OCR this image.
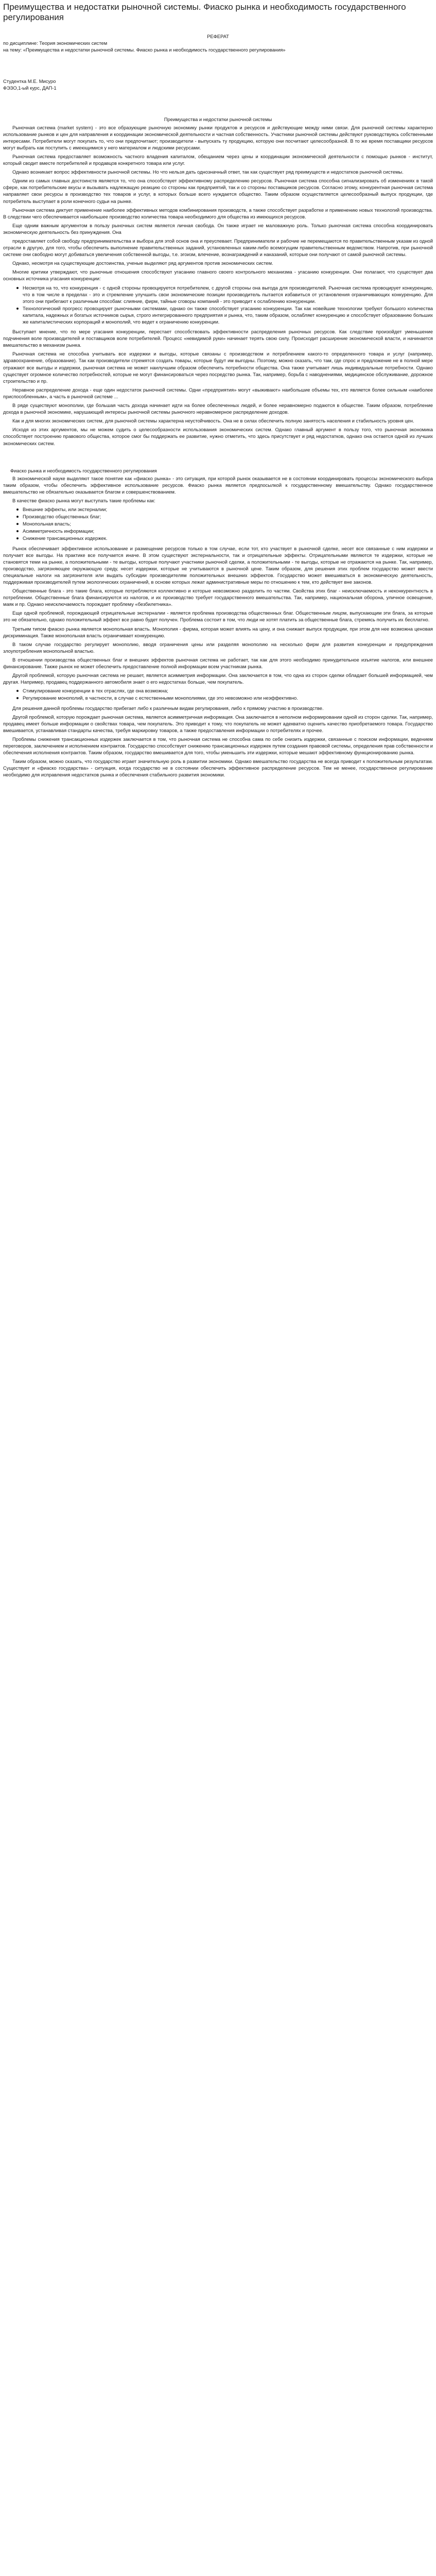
Преимущества и недостатки рыночной системы. Фиаско рынка и необходимость государственного регулирования

РЕФЕРАТ

по дисциплине: Теория экономических систем

на тему: «Преимущества и недостатки рыночной системы. Фиаско рынка и необходимость государственного регулирования»

Студентка М.Е. Мисуро

ФЭЗО,1-ый курс, ДАП-1

Преимущества и недостатки рыночной системы

Рыночная система (market system) - это все образующие рыночную экономику рынки продуктов и ресурсов и действующие между ними связи. Для рыночной системы характерно использование рынков и цен для направления и координации экономической деятельности и частная собственность. Участники рыночной системы действуют руководствуясь собственными интересами. Потребители могут покупать то, что они предпочитают; производители - выпускать ту продукцию, которую они посчитают целесообразной. В то же время поставщики ресурсов могут выбрать как поступить с имеющимися у него материалом и людскими ресурсами.

Рыночная система предоставляет возможность частного владения капиталом, обещанием через цены и координации экономической деятельности с помощью рынков - институт, который сводит вместе потребителей и продавцов конкретного товара или услуг.

Однако возникает вопрос эффективности рыночной системы. Но что нельзя дать однозначный ответ, так как существует ряд преимуществ и недостатков рыночной системы.

Одним из самых главных достоинств является то, что она способствует эффективному распределению ресурсов. Рыночная система способна сигнализировать об изменениях в такой сфере, как потребительские вкусы и вызывать надлежащую реакцию со стороны как предприятий, так и со стороны поставщиков ресурсов. Согласно этому, конкурентная рыночная система направляет свои ресурсы в производство тех товаров и услуг, в которых больше всего нуждается общество. Таким образом осуществляется целесообразный выпуск продукции, где потребитель выступает в роли конечного судьи на рынке.

Рыночная система диктует применение наиболее эффективных методов комбинирования производств, а также способствует разработке и применению новых технологий производства. В следствии чего обеспечивается наибольшее производство количества товара необходимого для общества из имеющихся ресурсов.

Еще одним важным аргументом в пользу рыночных систем является личная свобода. Он также играет не маловажную роль. Только рыночная система способна координировать экономическую деятельность без принуждения. Она

предоставляет собой свободу предпринимательства и выбора для этой основ она и преуспевает. Предприниматели и рабочие не перемещаются по правительственным указам из одной отрасли в другую, для того, чтобы обеспечить выполнение правительственных заданий, установленных каким-либо всемогущим правительственным ведомством. Напротив, при рыночной системе они свободно могут добиваться увеличения собственной выгоды, т.е. эгоизм, влечение, вознаграждений и наказаний, которые они получают от самой рыночной системы.

Однако, несмотря на существующие достоинства, ученые выделяют ряд аргументов против экономических систем.

Многие критики утверждают, что рыночные отношения способствуют угасанию главного своего контрольного механизма - угасанию конкуренции. Они полагают, что существует два основных источника угасания конкуренции:

Несмотря на то, что конкуренция - с одной стороны провоцируется потребителем, с другой стороны она выгода для производителей. Рыночная система провоцирует конкуренцию, что в том числе в пределах - это и стремление улучшить свои экономические позиции производитель пытается избавиться от установления ограничивающих конкуренцию. Для этого они прибегают к различным способам: слияние, фирм, тайные сговоры компаний - это приводит к ослаблению конкуренции.
Технологический прогресс провоцирует рыночными системами, однако он также способствует угасанию конкуренции. Так как новейшие технологии требуют большого количества капитала, надежных и богатых источников сырья, строго интегрированного предприятия и рынка, что, таким образом, ослабляет конкуренцию и способствует образованию больших же капиталистических корпораций и монополий, что ведет к ограничению конкуренции.

Выступает мнение, что по мере угасания конкуренции, перестает способствовать эффективности распределения рыночных ресурсов. Как следствие произойдет уменьшение подчинения воле производителей и поставщиков воле потребителей. Процесс «невидимой руки» начинает терять свою силу. Происходит расширение экономической власти, и начинается вмешательство в механизм рынка.

Рыночная система не способна учитывать все издержки и выгоды, которые связаны с производством и потреблением какого-то определенного товара и услуг (например, здравоохранение, образование). Так как производители стремятся создать товары, которые будут им выгодны. Поэтому, можно сказать, что там, где спрос и предложение не в полной мере отражают все выгоды и издержки, рыночная система не может наилучшим образом обеспечить потребности общества. Она также учитывает лишь индивидуальные потребности. Однако существует огромное количество потребностей, которые не могут финансироваться через посредство рынка. Так, например, борьба с наводнениями, медицинское обслуживание, дорожное строительство и пр.

Неравное распределение дохода - еще один недостаток рыночной системы. Одни «предприятия» могут «выживают» наибольшие объемы тех, кто является более сильным «наиболее приспособленным», а часть в рыночной системе ...

В ряде существуют монополии, где большая часть дохода начинает идти на более обеспеченных людей, и более неравномерно подаются в обществе. Таким образом, потребление дохода в рыночной экономике, нарушающий интересы рыночной системы рыночного неравномерное распределение доходов.

Как и для многих экономических систем, для рыночной системы характерна неустойчивость. Она не в силах обеспечить полную занятость населения и стабильность уровня цен.

Исходя из этих аргументов, мы не можем судить о целесообразности использования экономических систем. Однако главный аргумент в пользу того, что рыночная экономика способствует построению правового общества, которое смог бы поддержать ее развитие, нужно отметить, что здесь присутствует и ряд недостатков, однако она остается одной из лучших экономических систем.

Фиаско рынка и необходимость государственного регулирования

В экономической науке выделяют такое понятие как «фиаско рынка» - это ситуация, при которой рынок оказывается не в состоянии координировать процессы экономического выбора таким образом, чтобы обеспечить эффективное использование ресурсов. Фиаско рынка является предпосылкой к государственному вмешательству. Однако государственное вмешательство не обязательно оказывается благом и совершенствованием.

В качестве фиаско рынка могут выступать такие проблемы как:

Внешние эффекты, или экстерналии;
Производство общественных благ;
Монопольная власть;
Асимметричность информации;
Снижение трансакционных издержек.

Рынок обеспечивает эффективное использование и размещение ресурсов только в том случае, если тот, кто участвует в рыночной сделке, несет все связанные с ним издержки и получает все выгоды. На практике все получается иначе. В этом существуют экстернальности, так и отрицательные эффекты. Отрицательными являются те издержки, которые не становятся теми на рынке, а положительными - те выгоды, которые получают участники рыночной сделки, а положительными - те выгоды, которые не отражаются на рынке. Так, например, производство, загрязняющее окружающую среду, несет издержки, которые не учитываются в рыночной цене. Таким образом, для решения этих проблем государство может ввести специальные налоги на загрязнителя или выдать субсидии производителям положительных внешних эффектов. Государство может вмешиваться в экономическую деятельность, поддерживая производителей путем экологических ограничений, в основе которых лежат административные меры по отношению к тем, кто действует вне законов.

Общественные блага - это такие блага, которые потребляются коллективно и которые невозможно разделить по частям. Свойства этих благ - неисключаемость и неконкурентность в потреблении. Общественные блага финансируются из налогов, и их производство требует государственного вмешательства. Так, например, национальная оборона, уличное освещение, маяк и пр. Однако неисключаемость порождает проблему «безбилетника».

Еще одной проблемой, порождающей отрицательные экстерналии - является проблема производства общественных благ. Общественным лицом, выпускающим эти блага, за которые это не обязательно, однако положительный эффект все равно будет получен. Проблема состоит в том, что люди не хотят платить за общественные блага, стремясь получить их бесплатно.

Третьим типом фиаско рынка является монопольная власть. Монополия - фирма, которая может влиять на цену, и она снижает выпуск продукции, при этом для нее возможна ценовая дискриминация. Также монопольная власть ограничивает конкуренцию.

В таком случае государство регулирует монополию, вводя ограничения цены или разделяя монополию на несколько фирм для развития конкуренции и предупреждения злоупотребления монопольной властью.

В отношении производства общественных благ и внешних эффектов рыночная система не работает, так как для этого необходимо принудительное изъятие налогов, или внешнее финансирование. Также рынок не может обеспечить предоставление полной информации всем участникам рынка.

Другой проблемой, которую рыночная система не решает, является асимметрия информации. Она заключается в том, что одна из сторон сделки обладает большей информацией, чем другая. Например, продавец поддержанного автомобиля знает о его недостатках больше, чем покупатель.

Стимулирование конкуренции в тех отраслях, где она возможна;
Регулирование монополий, в частности, в случае с естественными монополиями, где это невозможно или неэффективно.

Для решения данной проблемы государство прибегает либо к различным видам регулирования, либо к прямому участию в производстве.

Другой проблемой, которую порождает рыночная система, является асимметричная информация. Она заключается в неполном информировании одной из сторон сделки. Так, например, продавец имеет больше информации о свойствах товара, чем покупатель. Это приводит к тому, что покупатель не может адекватно оценить качество приобретаемого товара. Государство вмешивается, устанавливая стандарты качества, требуя маркировку товаров, а также предоставления информации о потребителях и прочее.

Проблемы снижения трансакционных издержек заключается в том, что рыночная система не способна сама по себе снизить издержки, связанные с поиском информации, ведением переговоров, заключением и исполнением контрактов. Государство способствует снижению трансакционных издержек путем создания правовой системы, определения прав собственности и обеспечения исполнения контрактов. Таким образом, государство вмешивается для того, чтобы уменьшить эти издержки, которые мешают эффективному функционированию рынка.

Таким образом, можно сказать, что государство играет значительную роль в развитии экономики. Однако вмешательство государства не всегда приводит к положительным результатам. Существует и «фиаско государства» - ситуация, когда государство не в состоянии обеспечить эффективное распределение ресурсов. Тем не менее, государственное регулирование необходимо для исправления недостатков рынка и обеспечения стабильного развития экономики.
